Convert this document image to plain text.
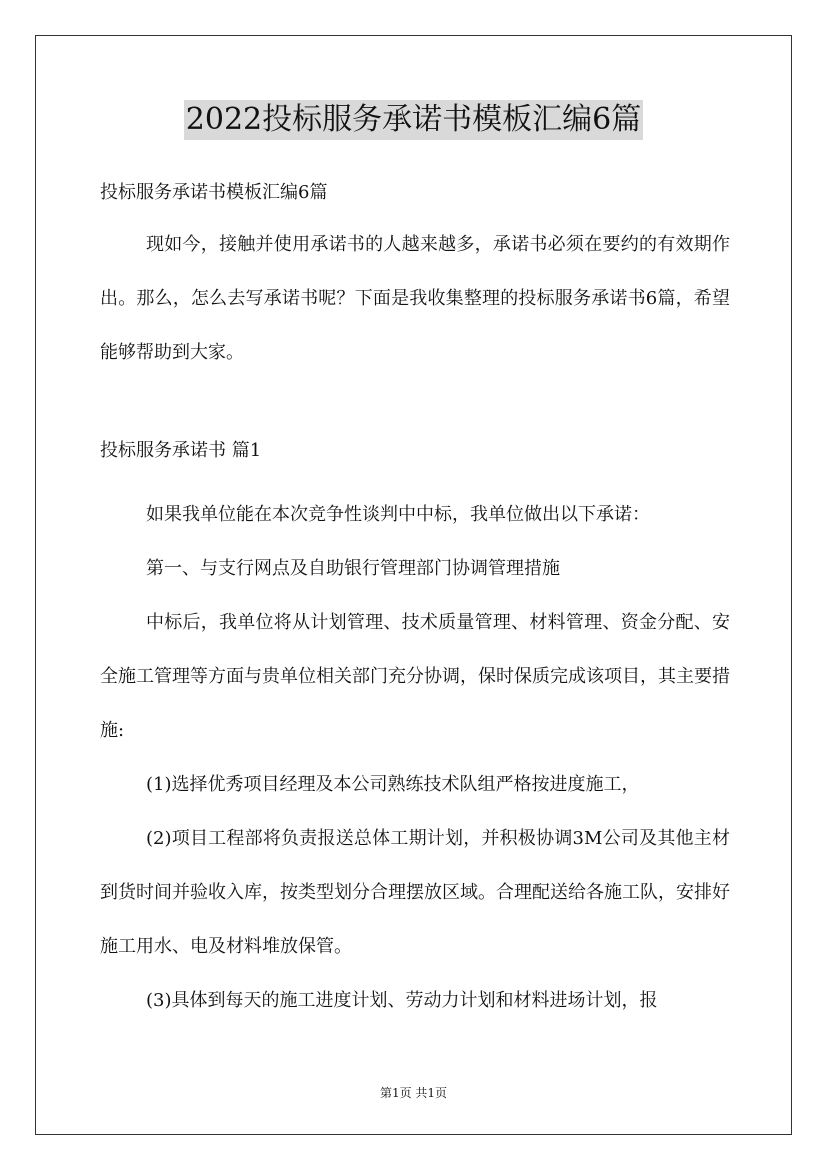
2022投标服务承诺书模板汇编6篇

投标服务承诺书模板汇编6篇

现如今，接触并使用承诺书的人越来越多，承诺书必须在要约的有效期作出。那么，怎么去写承诺书呢？下面是我收集整理的投标服务承诺书6篇，希望能够帮助到大家。

投标服务承诺书 篇1

如果我单位能在本次竞争性谈判中中标，我单位做出以下承诺：

第一、与支行网点及自助银行管理部门协调管理措施

中标后，我单位将从计划管理、技术质量管理、材料管理、资金分配、安全施工管理等方面与贵单位相关部门充分协调，保时保质完成该项目，其主要措施:

(1)选择优秀项目经理及本公司熟练技术队组严格按进度施工，

(2)项目工程部将负责报送总体工期计划，并积极协调3M公司及其他主材到货时间并验收入库，按类型划分合理摆放区域。合理配送给各施工队，安排好施工用水、电及材料堆放保管。

(3)具体到每天的施工进度计划、劳动力计划和材料进场计划，报

第1页 共1页
